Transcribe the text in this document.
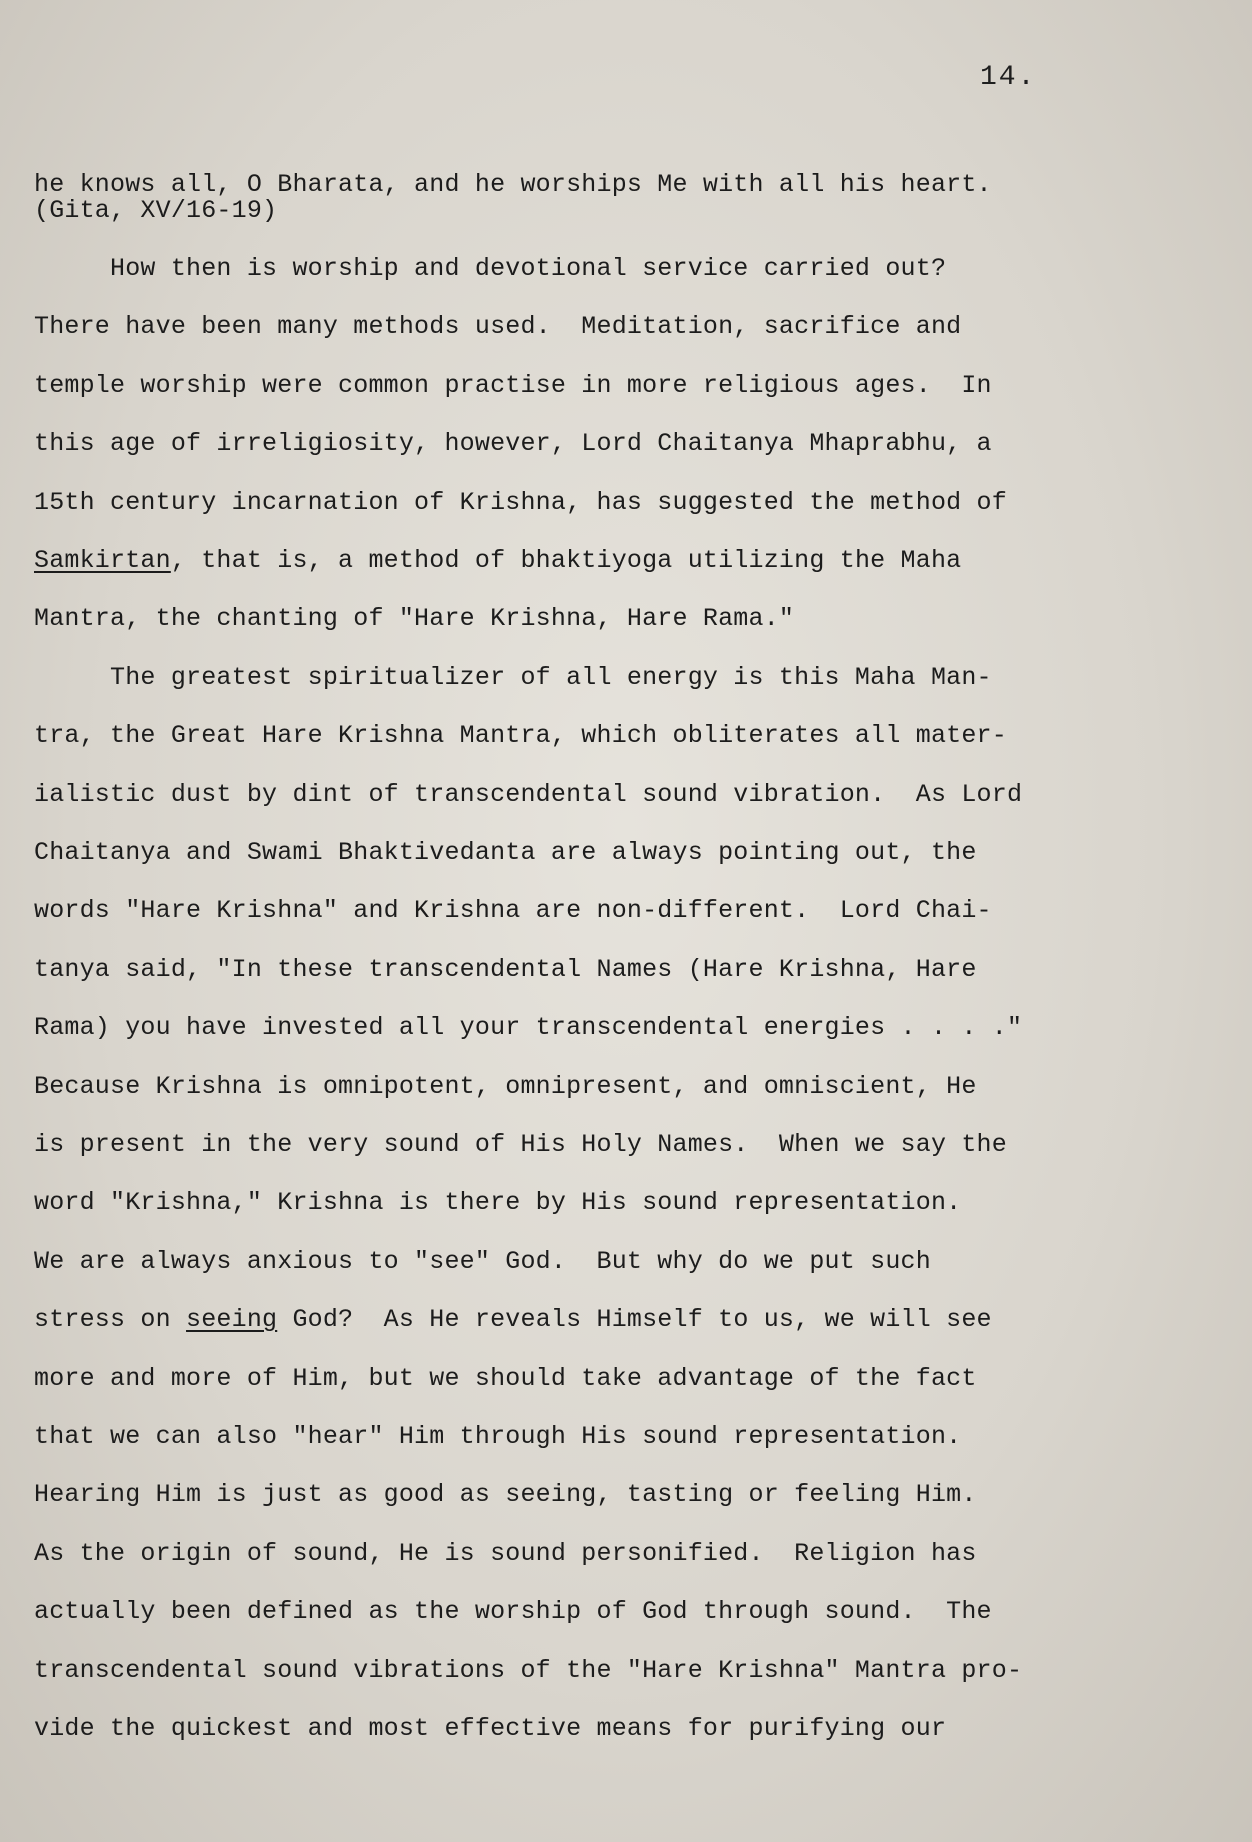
14.
he knows all, O Bharata, and he worships Me with all his heart.
(Gita, XV/16-19)
How then is worship and devotional service carried out?
There have been many methods used.  Meditation, sacrifice and
temple worship were common practise in more religious ages.  In
this age of irreligiosity, however, Lord Chaitanya Mhaprabhu, a
15th century incarnation of Krishna, has suggested the method of
Samkirtan, that is, a method of bhaktiyoga utilizing the Maha
Mantra, the chanting of "Hare Krishna, Hare Rama."
The greatest spiritualizer of all energy is this Maha Man-
tra, the Great Hare Krishna Mantra, which obliterates all mater-
ialistic dust by dint of transcendental sound vibration.  As Lord
Chaitanya and Swami Bhaktivedanta are always pointing out, the
words "Hare Krishna" and Krishna are non-different.  Lord Chai-
tanya said, "In these transcendental Names (Hare Krishna, Hare
Rama) you have invested all your transcendental energies . . . ."
Because Krishna is omnipotent, omnipresent, and omniscient, He
is present in the very sound of His Holy Names.  When we say the
word "Krishna," Krishna is there by His sound representation.
We are always anxious to "see" God.  But why do we put such
stress on seeing God?  As He reveals Himself to us, we will see
more and more of Him, but we should take advantage of the fact
that we can also "hear" Him through His sound representation.
Hearing Him is just as good as seeing, tasting or feeling Him.
As the origin of sound, He is sound personified.  Religion has
actually been defined as the worship of God through sound.  The
transcendental sound vibrations of the "Hare Krishna" Mantra pro-
vide the quickest and most effective means for purifying our
